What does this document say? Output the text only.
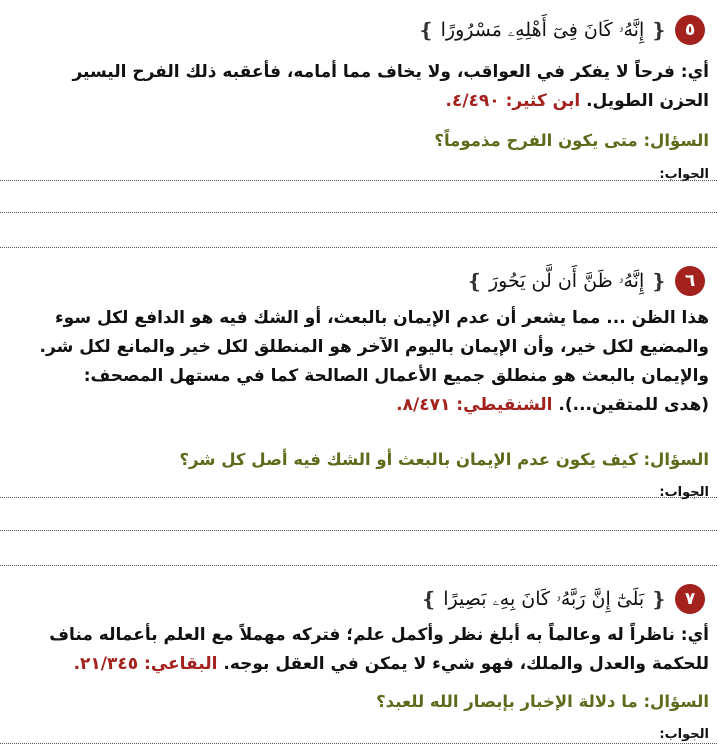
٥
❴
إِنَّهُۥ كَانَ فِىٓ أَهْلِهِۦ مَسْرُورًا
❵
أي: فرحاً لا يفكر في العواقب، ولا يخاف مما أمامه، فأعقبه ذلك الفرح اليسير
الحزن الطويل. ابن كثير: ٤/٤٩٠.
السؤال: متى يكون الفرح مذموماً؟
الجواب:
٦
❴
إِنَّهُۥ ظَنَّ أَن لَّن يَحُورَ
❵
هذا الظن ... مما يشعر أن عدم الإيمان بالبعث، أو الشك فيه هو الدافع لكل سوء
والمضيع لكل خير، وأن الإيمان باليوم الآخر هو المنطلق لكل خير والمانع لكل شر.
والإيمان بالبعث هو منطلق جميع الأعمال الصالحة كما في مستهل المصحف:
(هدى للمتقين...). الشنقيطي: ٨/٤٧١.
السؤال: كيف يكون عدم الإيمان بالبعث أو الشك فيه أصل كل شر؟
الجواب:
٧
❴
بَلَىٰٓ إِنَّ رَبَّهُۥ كَانَ بِهِۦ بَصِيرًا
❵
أي: ناظراً له وعالماً به أبلغ نظر وأكمل علم؛ فتركه مهملاً مع العلم بأعماله مناف
للحكمة والعدل والملك، فهو شيء لا يمكن في العقل بوجه. البقاعي: ٢١/٣٤٥.
السؤال: ما دلالة الإخبار بإبصار الله للعبد؟
الجواب:
